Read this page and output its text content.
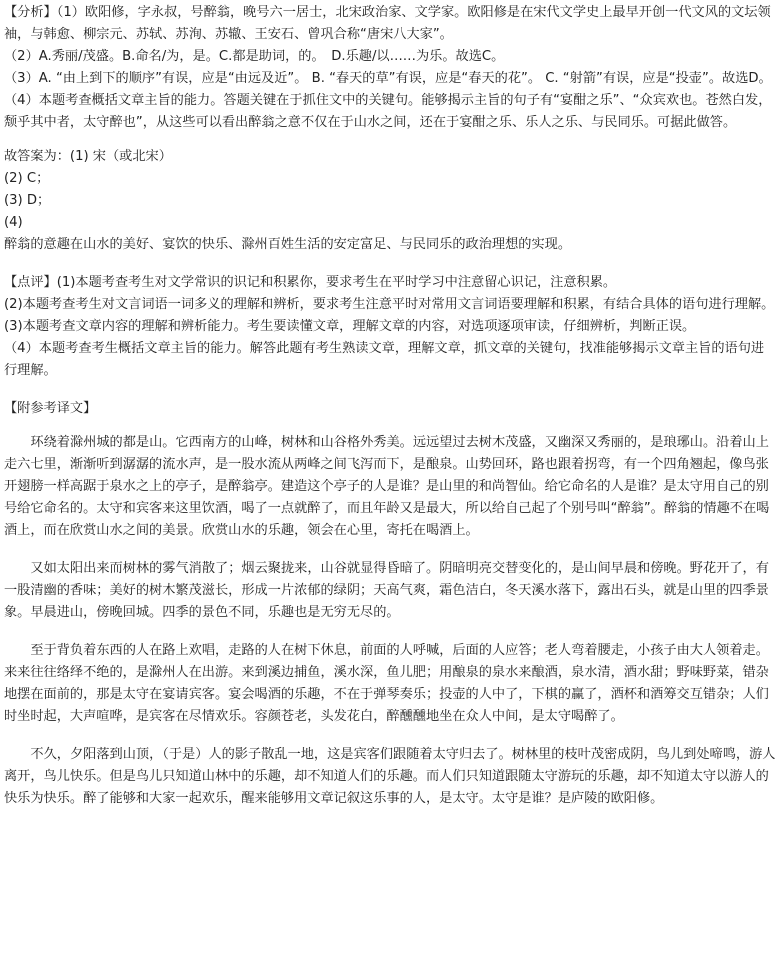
【分析】（1）欧阳修，字永叔，号醉翁，晚号六一居士，北宋政治家、文学家。欧阳修是在宋代文学史上最早开创一代文风的文坛领袖，与韩愈、柳宗元、苏轼、苏洵、苏辙、王安石、曾巩合称“唐宋八大家”。

（2）A.秀丽/茂盛。B.命名/为，是。C.都是助词，的。　D.乐趣/以……为乐。故选C。

（3）A. “由上到下的顺序”有误，应是“由远及近”。 B. “春天的草”有误，应是“春天的花”。 C. “射箭”有误，应是“投壶”。故选D。

（4）本题考查概括文章主旨的能力。答题关键在于抓住文中的关键句。能够揭示主旨的句子有“宴酣之乐”、“众宾欢也。苍然白发，颓乎其中者，太守醉也”，从这些可以看出醉翁之意不仅在于山水之间，还在于宴酣之乐、乐人之乐、与民同乐。可据此做答。

故答案为：(1) 宋（或北宋）

(2) C；

(3) D；

(4)

醉翁的意趣在山水的美好、宴饮的快乐、滁州百姓生活的安定富足、与民同乐的政治理想的实现。

【点评】(1)本题考查考生对文学常识的识记和积累你，要求考生在平时学习中注意留心识记，注意积累。

(2)本题考查考生对文言词语一词多义的理解和辨析，要求考生注意平时对常用文言词语要理解和积累，有结合具体的语句进行理解。

(3)本题考查文章内容的理解和辨析能力。考生要读懂文章，理解文章的内容，对选项逐项审读，仔细辨析，判断正误。

（4）本题考查考生概括文章主旨的能力。解答此题有考生熟读文章，理解文章，抓文章的关键句，找准能够揭示文章主旨的语句进行理解。

【附参考译文】

环绕着滁州城的都是山。它西南方的山峰，树林和山谷格外秀美。远远望过去树木茂盛，又幽深又秀丽的，是琅琊山。沿着山上走六七里，渐渐听到潺潺的流水声，是一股水流从两峰之间飞泻而下，是酿泉。山势回环，路也跟着拐弯，有一个四角翘起，像鸟张开翅膀一样高踞于泉水之上的亭子，是醉翁亭。建造这个亭子的人是谁？是山里的和尚智仙。给它命名的人是谁？是太守用自己的别号给它命名的。太守和宾客来这里饮酒，喝了一点就醉了，而且年龄又是最大，所以给自己起了个别号叫“醉翁”。醉翁的情趣不在喝酒上，而在欣赏山水之间的美景。欣赏山水的乐趣，领会在心里，寄托在喝酒上。

又如太阳出来而树林的雾气消散了；烟云聚拢来，山谷就显得昏暗了。阴暗明亮交替变化的，是山间早晨和傍晚。野花开了，有一股清幽的香味；美好的树木繁茂滋长，形成一片浓郁的绿阴；天高气爽，霜色洁白，冬天溪水落下，露出石头，就是山里的四季景象。早晨进山，傍晚回城。四季的景色不同，乐趣也是无穷无尽的。

至于背负着东西的人在路上欢唱，走路的人在树下休息，前面的人呼喊，后面的人应答；老人弯着腰走，小孩子由大人领着走。来来往往络绎不绝的，是滁州人在出游。来到溪边捕鱼，溪水深，鱼儿肥；用酿泉的泉水来酿酒，泉水清，酒水甜；野味野菜，错杂地摆在面前的，那是太守在宴请宾客。宴会喝酒的乐趣，不在于弹琴奏乐；投壶的人中了，下棋的赢了，酒杯和酒筹交互错杂；人们时坐时起，大声喧哗，是宾客在尽情欢乐。容颜苍老，头发花白，醉醺醺地坐在众人中间，是太守喝醉了。

不久，夕阳落到山顶，（于是）人的影子散乱一地，这是宾客们跟随着太守归去了。树林里的枝叶茂密成阴，鸟儿到处啼鸣，游人离开，鸟儿快乐。但是鸟儿只知道山林中的乐趣，却不知道人们的乐趣。而人们只知道跟随太守游玩的乐趣，却不知道太守以游人的快乐为快乐。醉了能够和大家一起欢乐，醒来能够用文章记叙这乐事的人，是太守。太守是谁？是庐陵的欧阳修。
